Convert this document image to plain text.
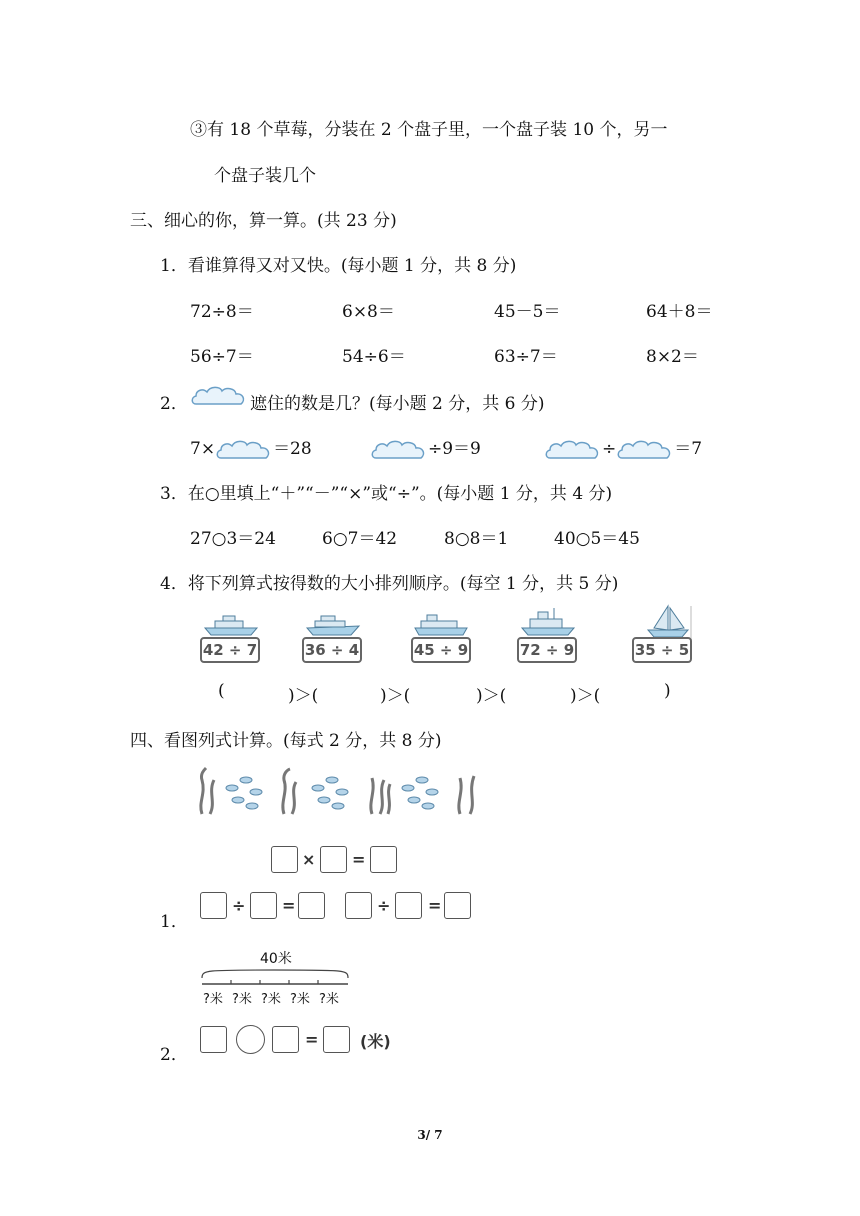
③有 18 个草莓，分装在 2 个盘子里，一个盘子装 10 个，另一
个盘子装几个
三、细心的你，算一算。(共 23 分)
1．看谁算得又对又快。(每小题 1 分，共 8 分)
72÷8＝	6×8＝	45－5＝	64＋8＝
56÷7＝	54÷6＝	63÷7＝	8×2＝
2．	遮住的数是几？(每小题 2 分，共 6 分)
7×	＝28	÷9＝9	÷	＝7
3．在○里填上“＋”“－”“×”或“÷”。(每小题 1 分，共 4 分)
27○3＝24	6○7＝42	8○8＝1	40○5＝45
4．将下列算式按得数的大小排列顺序。(每空 1 分，共 5 分)
42 ÷ 7	36 ÷ 4	45 ÷ 9	72 ÷ 9	35 ÷ 5
(	)＞(	)＞(	)＞(	)＞(	)
四、看图列式计算。(每式 2 分，共 8 分)
× =
1．
÷ =	÷ =
40米
?米 ?米 ?米 ?米 ?米
2．
=	(米)
3/ 7
